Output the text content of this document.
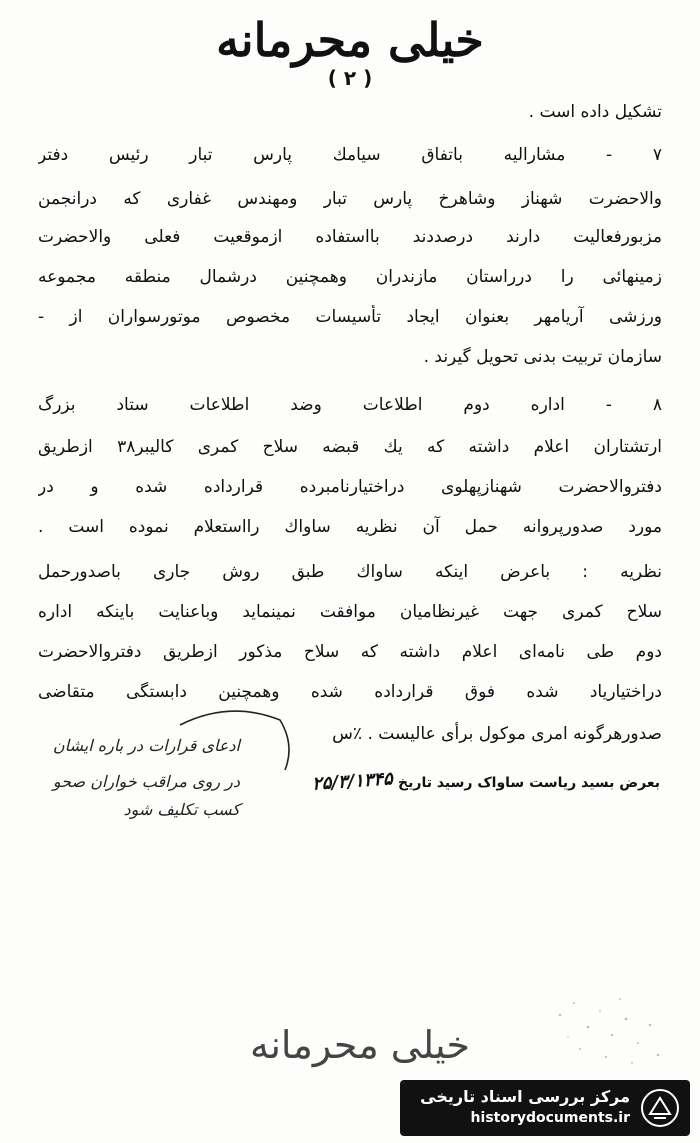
خیلی محرمانه
( ۲ )
تشکیل داده است .
۷ - مشارالیه باتفاق سیامك پارس تبار رئیس دفتر
والاحضرت شهناز وشاهرخ پارس تبار ومهندس غفاری که درانجمن
مزبورفعالیت دارند درصددند بااستفاده ازموقعیت فعلی والاحضرت
زمینهائی را درراستان مازندران وهمچنین درشمال منطقه مجموعه
ورزشی آریامهر بعنوان ایجاد تأسیسات مخصوص موتورسواران از -
سازمان تربیت بدنی تحویل گیرند .
۸ - اداره دوم اطلاعات وضد اطلاعات ستاد بزرگ
ارتشتاران اعلام داشته که یك قبضه سلاح کمری کالیبر۳۸ ازطریق
دفتروالاحضرت شهنازپهلوی دراختیارنامبرده قرارداده شده و در
مورد صدورپروانه حمل آن نظریه ساواك رااستعلام نموده است .
نظریه : باعرض اینکه ساواك طبق روش جاری باصدورحمل
سلاح کمری جهت غیرنظامیان موافقت نمینماید وباعنایت باینکه اداره
دوم طی نامه‌ای اعلام داشته که سلاح مذکور ازطریق دفتروالاحضرت
دراختیاریاد شده فوق قرارداده شده وهمچنین دابستگی متقاضی
صدورهرگونه امری موکول برأی عالیست . ٪س
ادعای قرارات در باره ایشان
در روی مراقب خواران صحو
کسب تکلیف شود
بعرض بسید ریاست ساواک رسید تاریخ ۲۵/۳/۱۳۴۵
خیلی محرمانه
مرکز بررسی اسناد تاریخی
historydocuments.ir
